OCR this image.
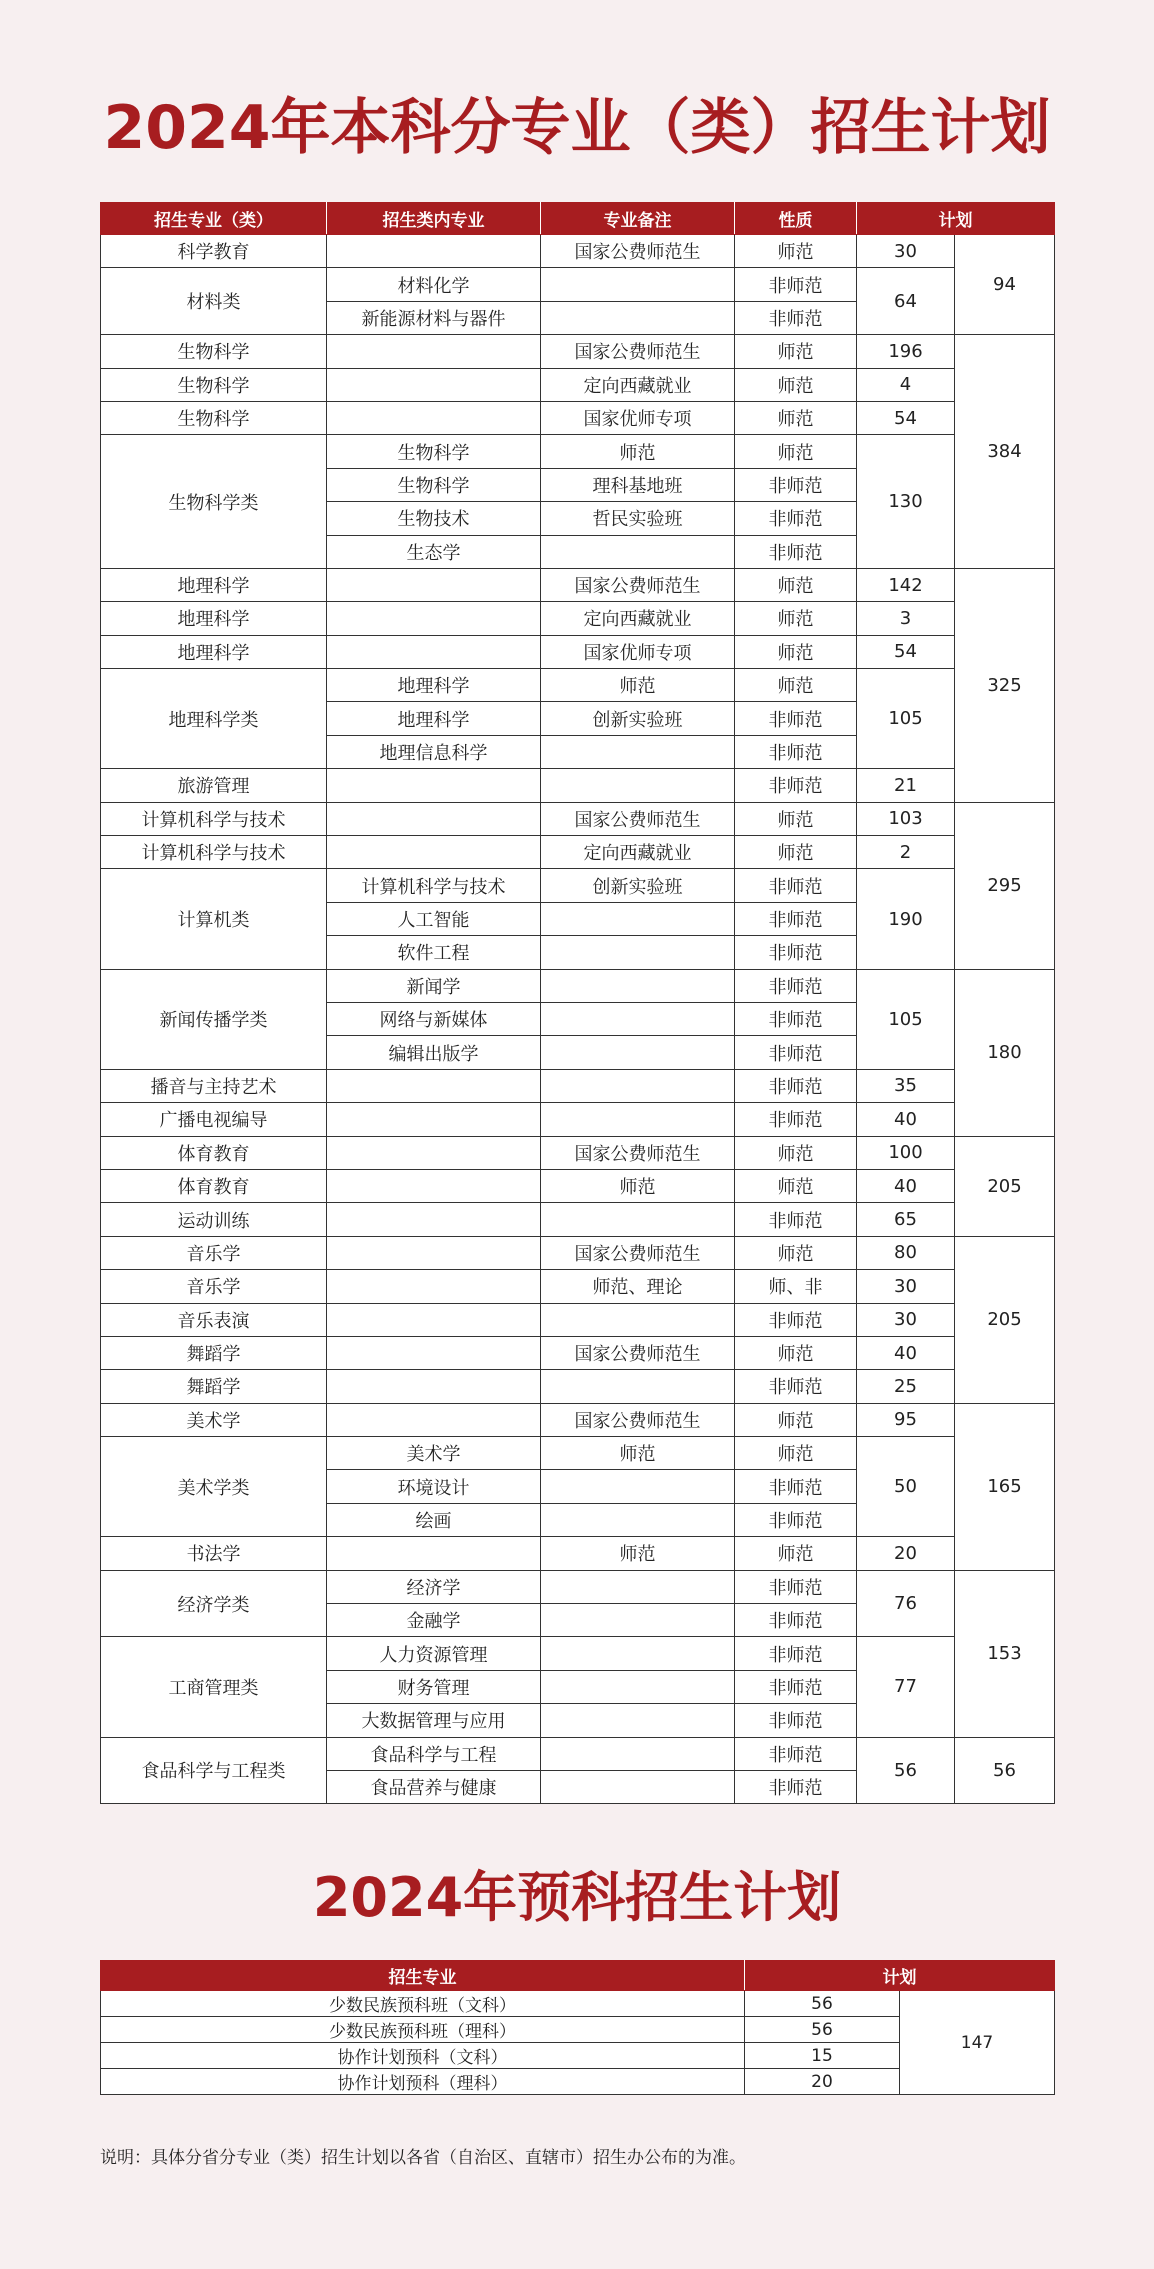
2024年本科分专业（类）招生计划
招生专业（类）	招生类内专业	专业备注	性质	计划	
科学教育		国家公费师范生	师范	30	94
材料类	材料化学		非师范	64	
	新能源材料与器件		非师范		
生物科学		国家公费师范生	师范	196	384
生物科学		定向西藏就业	师范	4	
生物科学		国家优师专项	师范	54	
生物科学类	生物科学	师范	师范	130	
	生物科学	理科基地班	非师范		
	生物技术	哲民实验班	非师范		
	生态学		非师范		
地理科学		国家公费师范生	师范	142	325
地理科学		定向西藏就业	师范	3	
地理科学		国家优师专项	师范	54	
地理科学类	地理科学	师范	师范	105	
	地理科学	创新实验班	非师范		
	地理信息科学		非师范		
旅游管理			非师范	21	
计算机科学与技术		国家公费师范生	师范	103	295
计算机科学与技术		定向西藏就业	师范	2	
计算机类	计算机科学与技术	创新实验班	非师范	190	
	人工智能		非师范		
	软件工程		非师范		
新闻传播学类	新闻学		非师范	105	180
	网络与新媒体		非师范		
	编辑出版学		非师范		
播音与主持艺术			非师范	35	
广播电视编导			非师范	40	
体育教育		国家公费师范生	师范	100	205
体育教育		师范	师范	40	
运动训练			非师范	65	
音乐学		国家公费师范生	师范	80	205
音乐学		师范、理论	师、非	30	
音乐表演			非师范	30	
舞蹈学		国家公费师范生	师范	40	
舞蹈学			非师范	25	
美术学		国家公费师范生	师范	95	165
美术学类	美术学	师范	师范	50	
	环境设计		非师范		
	绘画		非师范		
书法学		师范	师范	20	
经济学类	经济学		非师范	76	153
	金融学		非师范		
工商管理类	人力资源管理		非师范	77	
	财务管理		非师范		
	大数据管理与应用		非师范		
食品科学与工程类	食品科学与工程		非师范	56	56
	食品营养与健康		非师范		
2024年预科招生计划
招生专业	计划	
少数民族预科班（文科）	56	147
少数民族预科班（理科）	56	
协作计划预科（文科）	15	
协作计划预科（理科）	20	

说明：具体分省分专业（类）招生计划以各省（自治区、直辖市）招生办公布的为准。
